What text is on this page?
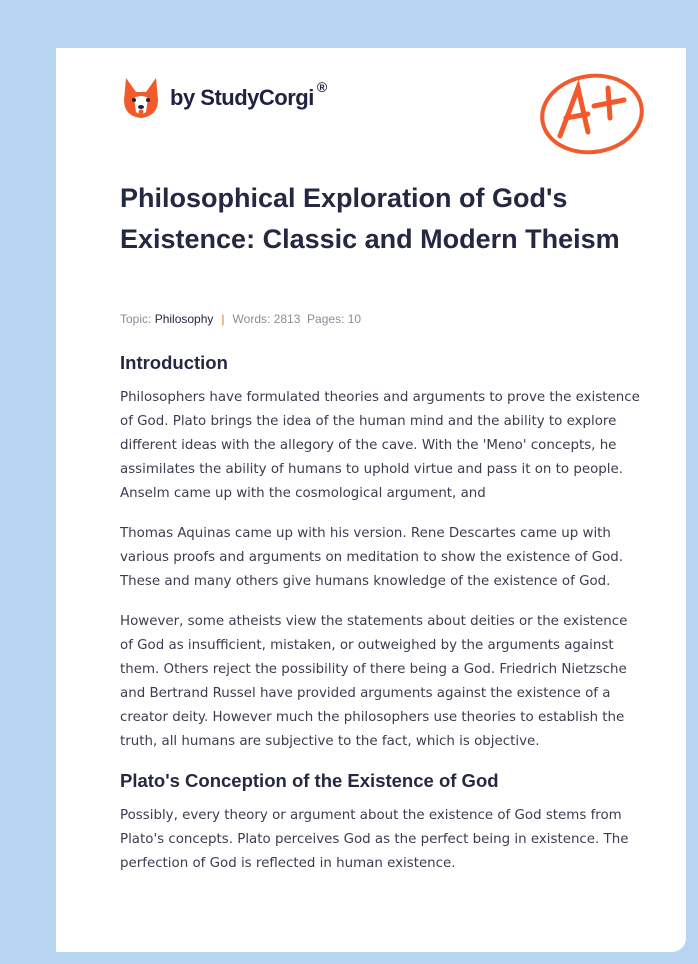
by StudyCorgi ®
Philosophical Exploration of God's Existence: Classic and Modern Theism
Topic: Philosophy | Words: 2813 Pages: 10
Introduction

Philosophers have formulated theories and arguments to prove the existence of God. Plato brings the idea of the human mind and the ability to explore different ideas with the allegory of the cave. With the 'Meno' concepts, he assimilates the ability of humans to uphold virtue and pass it on to people. Anselm came up with the cosmological argument, and

Thomas Aquinas came up with his version. Rene Descartes came up with various proofs and arguments on meditation to show the existence of God. These and many others give humans knowledge of the existence of God.

However, some atheists view the statements about deities or the existence of God as insufficient, mistaken, or outweighed by the arguments against them. Others reject the possibility of there being a God. Friedrich Nietzsche and Bertrand Russel have provided arguments against the existence of a creator deity. However much the philosophers use theories to establish the truth, all humans are subjective to the fact, which is objective.

Plato's Conception of the Existence of God

Possibly, every theory or argument about the existence of God stems from Plato's concepts. Plato perceives God as the perfect being in existence. The perfection of God is reflected in human existence.
